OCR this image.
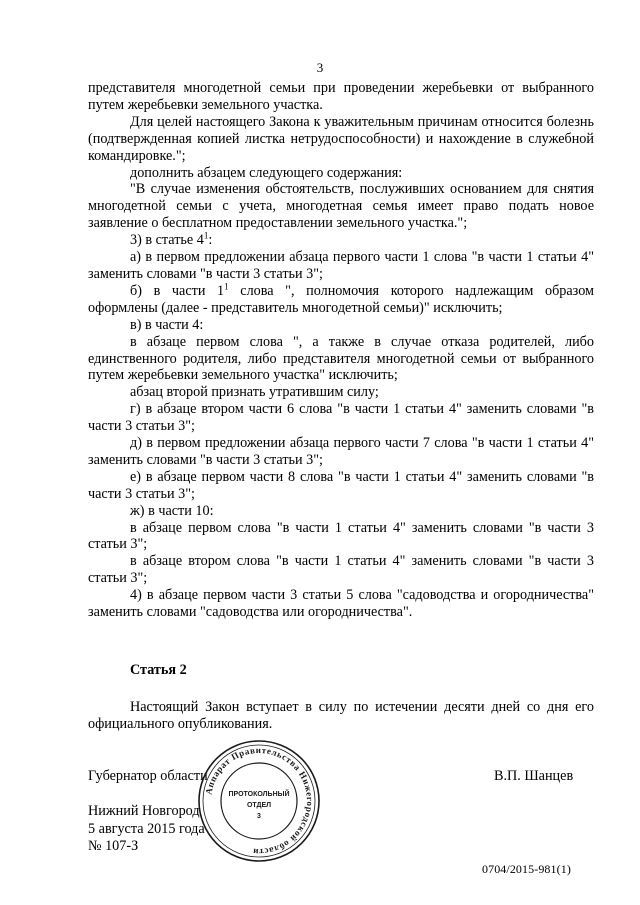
3

представителя многодетной семьи при проведении жеребьевки от выбранного путем жеребьевки земельного участка.

Для целей настоящего Закона к уважительным причинам относится болезнь (подтвержденная копией листка нетрудоспособности) и нахождение в служебной командировке.";

дополнить абзацем следующего содержания:

"В случае изменения обстоятельств, послуживших основанием для снятия многодетной семьи с учета, многодетная семья имеет право подать новое заявление о бесплатном предоставлении земельного участка.";

3) в статье $4^1$:

а) в первом предложении абзаца первого части 1 слова "в части 1 статьи 4" заменить словами "в части 3 статьи 3";

б) в части $1^1$ слова ", полномочия которого надлежащим образом оформлены (далее - представитель многодетной семьи)" исключить;

в) в части 4:

в абзаце первом слова ", а также в случае отказа родителей, либо единственного родителя, либо представителя многодетной семьи от выбранного путем жеребьевки земельного участка" исключить;

абзац второй признать утратившим силу;

г) в абзаце втором части 6 слова "в части 1 статьи 4" заменить словами "в части 3 статьи 3";

д) в первом предложении абзаца первого части 7 слова "в части 1 статьи 4" заменить словами "в части 3 статьи 3";

е) в абзаце первом части 8 слова "в части 1 статьи 4" заменить словами "в части 3 статьи 3";

ж) в части 10:

в абзаце первом слова "в части 1 статьи 4" заменить словами "в части 3 статьи 3";

в абзаце втором слова "в части 1 статьи 4" заменить словами "в части 3 статьи 3";

4) в абзаце первом части 3 статьи 5 слова "садоводства и огородничества" заменить словами "садоводства или огородничества".

Статья 2

Настоящий Закон вступает в силу по истечении десяти дней со дня его официального опубликования.

Губернатор области	В.П. Шанцев
Нижний Новгород
5 августа 2015 года
№ 107-З
0704/2015-981(1)
Аппарат Правительства Нижегородской области
ПРОТОКОЛЬНЫЙ
ОТДЕЛ
3
